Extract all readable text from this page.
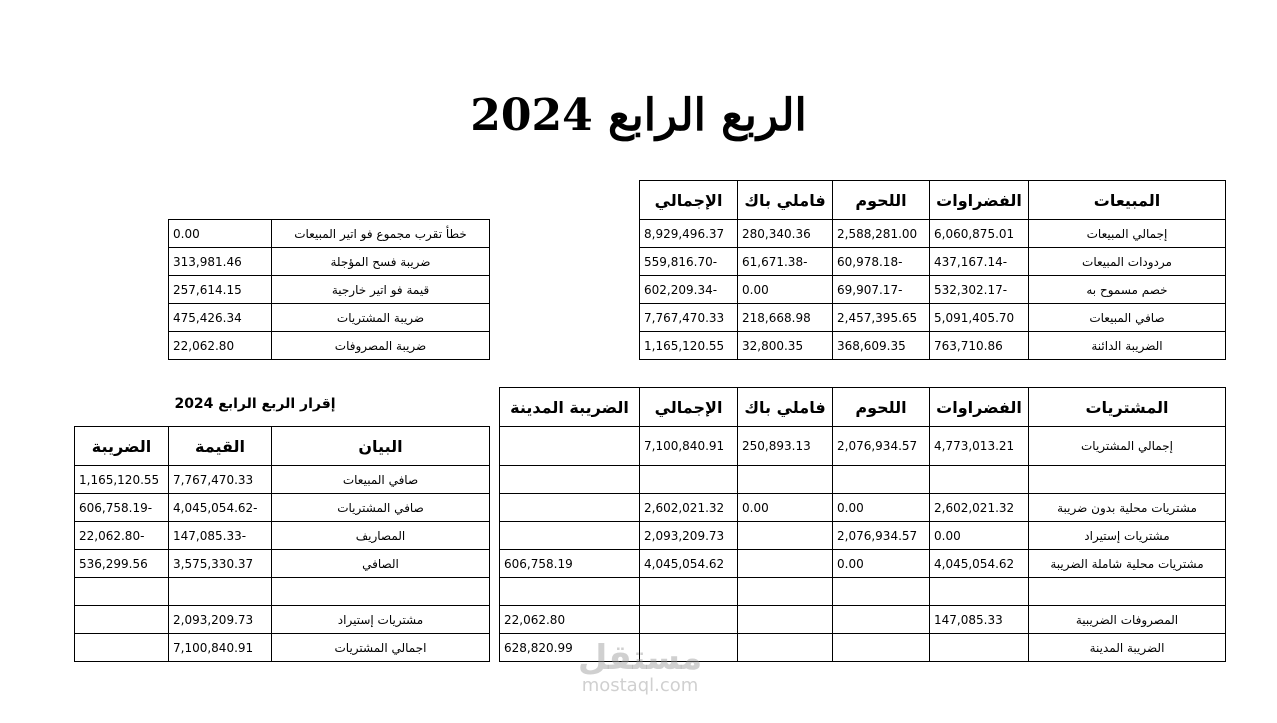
الربع الرابع 2024
المبيعات	الفضراوات	اللحوم	فاملي باك	الإجمالي
إجمالي المبيعات	6,060,875.01	2,588,281.00	280,340.36	8,929,496.37
مردودات المبيعات	-437,167.14	-60,978.18	-61,671.38	-559,816.70
خصم مسموح به	-532,302.17	-69,907.17	0.00	-602,209.34
صافي المبيعات	5,091,405.70	2,457,395.65	218,668.98	7,767,470.33
الضريبة الدائنة	763,710.86	368,609.35	32,800.35	1,165,120.55
خطأ تقرب مجموع فو اتير المبيعات	0.00
ضريبة فسح المؤجلة	313,981.46
قيمة فو اتير خارجية	257,614.15
ضريبة المشتريات	475,426.34
ضريبة المصروفات	22,062.80
المشتريات	الفضراوات	اللحوم	فاملي باك	الإجمالي	الضريبة المدينة
إجمالي المشتريات	4,773,013.21	2,076,934.57	250,893.13	7,100,840.91	

مشتريات محلية بدون ضريبة	2,602,021.32	0.00	0.00	2,602,021.32	
مشتريات إستيراد	0.00	2,076,934.57		2,093,209.73	
مشتريات محلية شاملة الضريبة	4,045,054.62	0.00		4,045,054.62	606,758.19

المصروفات الضريبية	147,085.33				22,062.80
الضريبة المدينة					628,820.99
إقرار الربع الرابع 2024
البيان	القيمة	الضريبة
صافي المبيعات	7,767,470.33	1,165,120.55
صافي المشتريات	-4,045,054.62	-606,758.19
المصاريف	-147,085.33	-22,062.80
الصافي	3,575,330.37	536,299.56

مشتريات إستيراد	2,093,209.73	
اجمالي المشتريات	7,100,840.91		مستقل
mostaql.com
